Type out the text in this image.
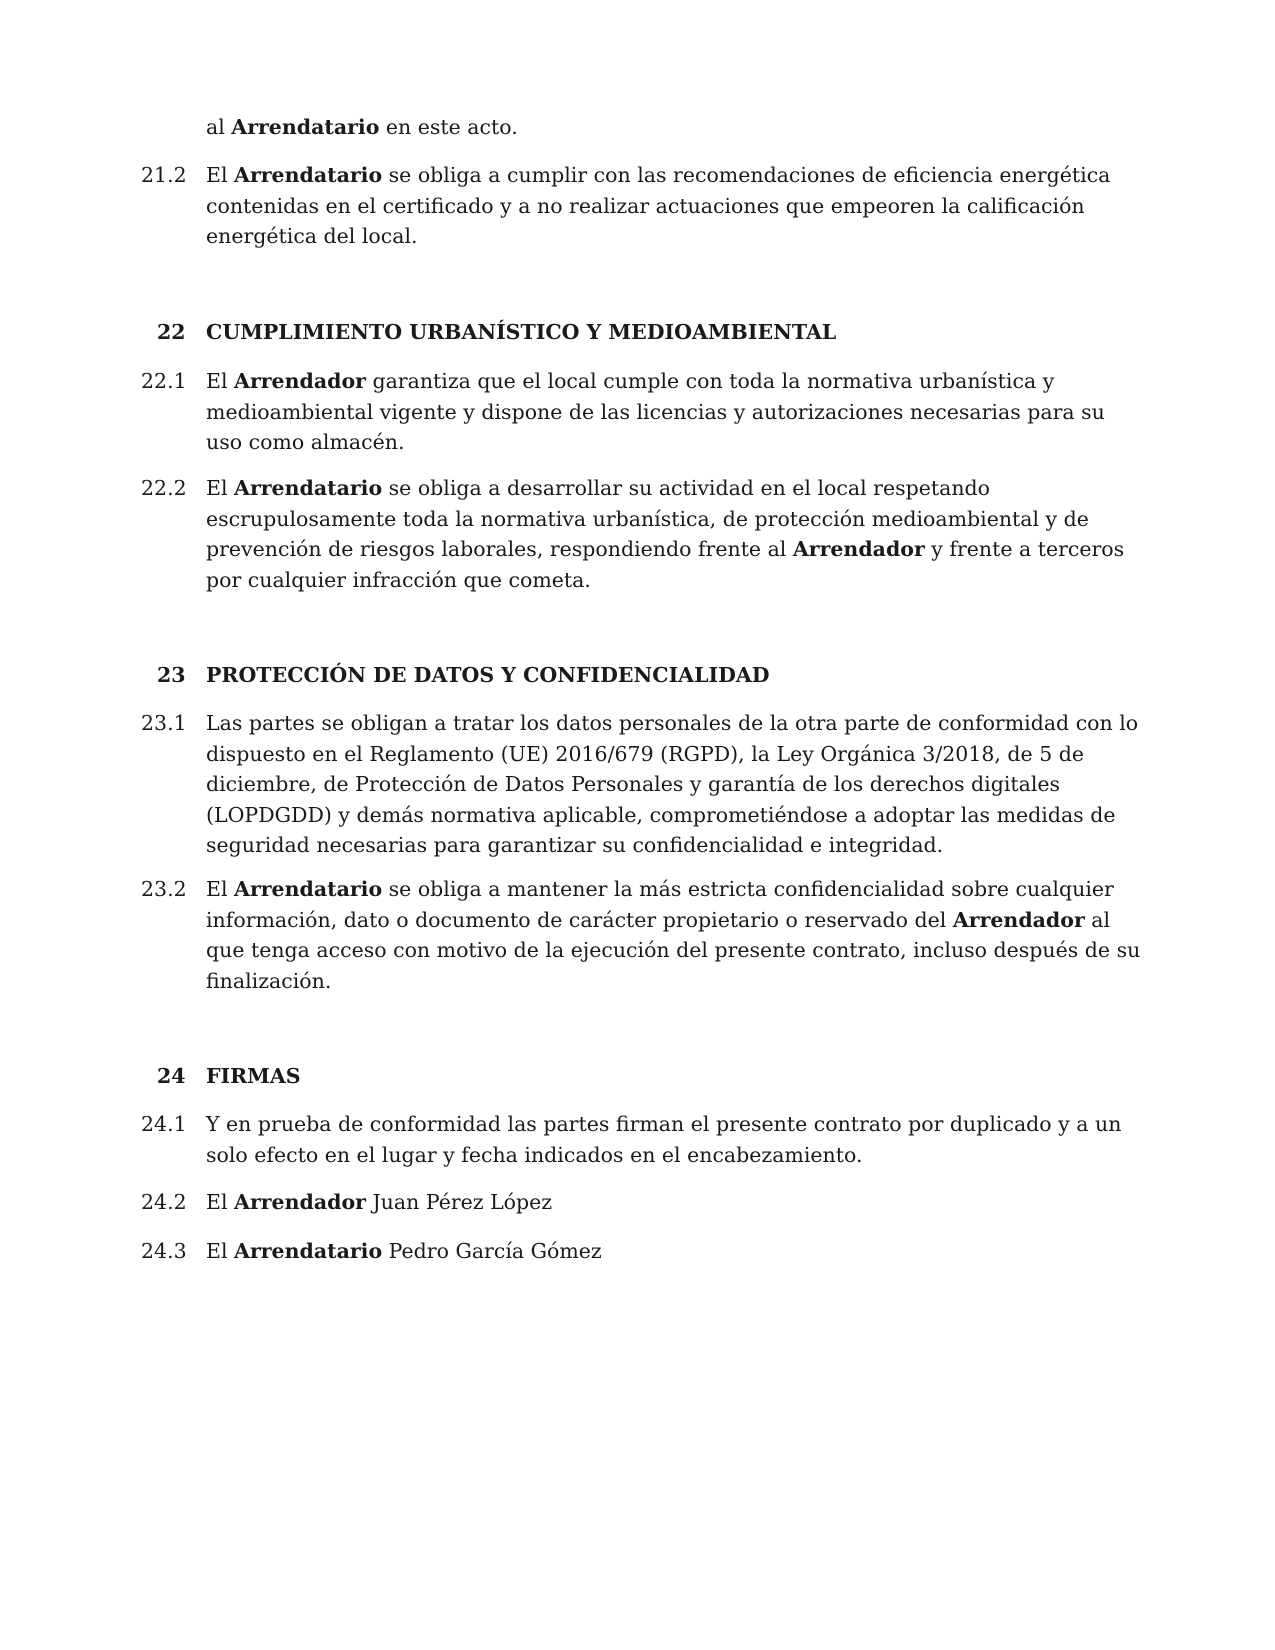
al Arrendatario en este acto.
21.2 El Arrendatario se obliga a cumplir con las recomendaciones de eficiencia energética contenidas en el certificado y a no realizar actuaciones que empeoren la calificación energética del local.
22 CUMPLIMIENTO URBANÍSTICO Y MEDIOAMBIENTAL
22.1 El Arrendador garantiza que el local cumple con toda la normativa urbanística y medioambiental vigente y dispone de las licencias y autorizaciones necesarias para su uso como almacén.
22.2 El Arrendatario se obliga a desarrollar su actividad en el local respetando escrupulosamente toda la normativa urbanística, de protección medioambiental y de prevención de riesgos laborales, respondiendo frente al Arrendador y frente a terceros por cualquier infracción que cometa.
23 PROTECCIÓN DE DATOS Y CONFIDENCIALIDAD
23.1 Las partes se obligan a tratar los datos personales de la otra parte de conformidad con lo dispuesto en el Reglamento (UE) 2016/679 (RGPD), la Ley Orgánica 3/2018, de 5 de diciembre, de Protección de Datos Personales y garantía de los derechos digitales (LOPDGDD) y demás normativa aplicable, comprometiéndose a adoptar las medidas de seguridad necesarias para garantizar su confidencialidad e integridad.
23.2 El Arrendatario se obliga a mantener la más estricta confidencialidad sobre cualquier información, dato o documento de carácter propietario o reservado del Arrendador al que tenga acceso con motivo de la ejecución del presente contrato, incluso después de su finalización.
24 FIRMAS
24.1 Y en prueba de conformidad las partes firman el presente contrato por duplicado y a un solo efecto en el lugar y fecha indicados en el encabezamiento.
24.2 El Arrendador Juan Pérez López
24.3 El Arrendatario Pedro García Gómez
